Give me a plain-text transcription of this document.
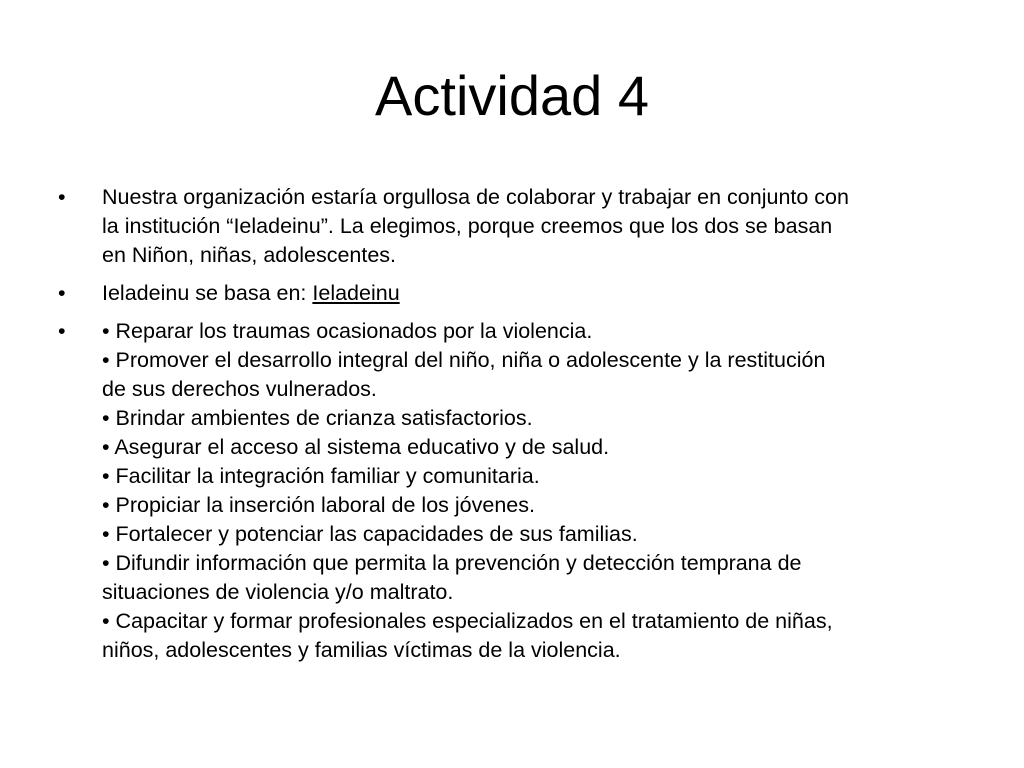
Actividad 4
•	Nuestra organización estaría orgullosa de colaborar y trabajar en conjunto con
la institución “Ieladeinu”. La elegimos, porque creemos que los dos se basan
en Niñon, niñas, adolescentes.
•	Ieladeinu se basa en: Ieladeinu
•	• Reparar los traumas ocasionados por la violencia.
• Promover el desarrollo integral del niño, niña o adolescente y la restitución
de sus derechos vulnerados.
• Brindar ambientes de crianza satisfactorios.
• Asegurar el acceso al sistema educativo y de salud.
• Facilitar la integración familiar y comunitaria.
• Propiciar la inserción laboral de los jóvenes.
• Fortalecer y potenciar las capacidades de sus familias.
• Difundir información que permita la prevención y detección temprana de
situaciones de violencia y/o maltrato.
• Capacitar y formar profesionales especializados en el tratamiento de niñas,
niños, adolescentes y familias víctimas de la violencia.
